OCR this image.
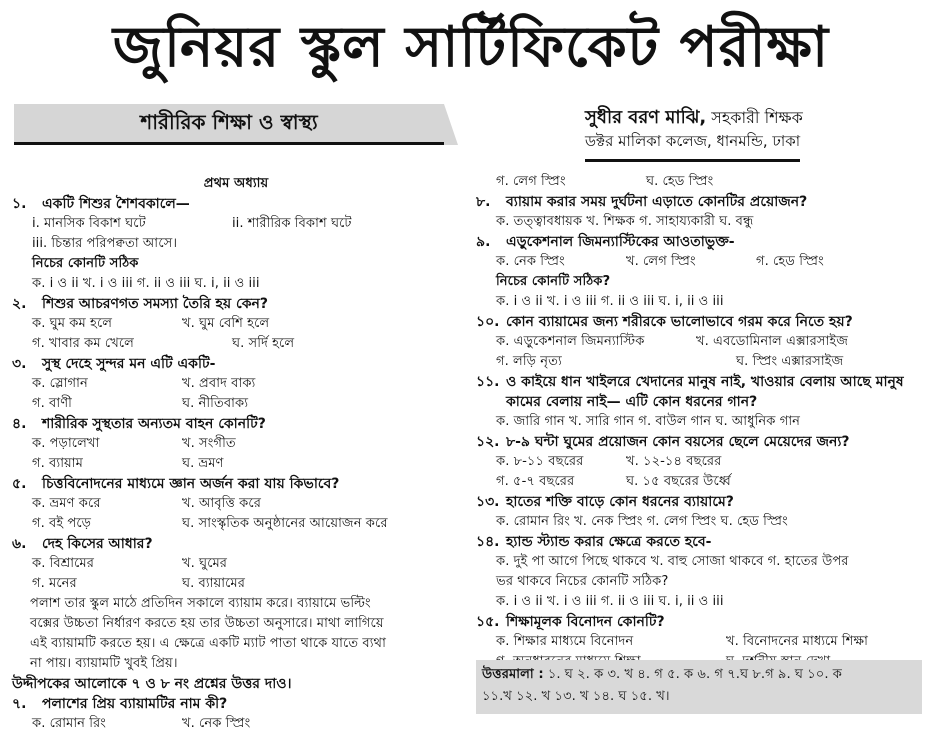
জুনিয়র স্কুল সার্টিফিকেট পরীক্ষা
শারীরিক শিক্ষা ও স্বাস্থ্য	সুধীর বরণ মাঝি, সহকারী শিক্ষক
ডক্টর মালিকা কলেজ, ধানমন্ডি, ঢাকা
প্রথম অধ্যায়
১. একটি শিশুর শৈশবকালে—
i. মানসিক বিকাশ ঘটে	ii. শারীরিক বিকাশ ঘটে
iii. চিন্তার পরিপক্বতা আসে।
নিচের কোনটি সঠিক
ক. i ও ii খ. i ও iii গ. ii ও iii ঘ. i, ii ও iii
২. শিশুর আচরণগত সমস্যা তৈরি হয় কেন?
ক. ঘুম কম হলে	খ. ঘুম বেশি হলে
গ. খাবার কম খেলে	ঘ. সর্দি হলে
৩. সুস্থ দেহে সুন্দর মন এটি একটি-
ক. স্লোগান	খ. প্রবাদ বাক্য
গ. বাণী	ঘ. নীতিবাক্য
৪. শারীরিক সুস্থতার অন্যতম বাহন কোনটি?
ক. পড়ালেখা	খ. সংগীত
গ. ব্যায়াম	ঘ. ভ্রমণ
৫. চিত্তবিনোদনের মাধ্যমে জ্ঞান অর্জন করা যায় কিভাবে?
ক. ভ্রমণ করে	খ. আবৃত্তি করে
গ. বই পড়ে	ঘ. সাংস্কৃতিক অনুষ্ঠানের আয়োজন করে
৬. দেহ কিসের আধার?
ক. বিশ্রামের	খ. ঘুমের
গ. মনের	ঘ. ব্যায়ামের
পলাশ তার স্কুল মাঠে প্রতিদিন সকালে ব্যায়াম করে। ব্যায়ামে ভল্টিং
বক্সের উচ্চতা নির্ধারণ করতে হয় তার উচ্চতা অনুসারে। মাথা লাগিয়ে
এই ব্যায়ামটি করতে হয়। এ ক্ষেত্রে একটি ম্যাট পাতা থাকে যাতে ব্যথা
না পায়। ব্যায়ামটি খুবই প্রিয়।
উদ্দীপকের আলোকে ৭ ও ৮ নং প্রশ্নের উত্তর দাও।
৭. পলাশের প্রিয় ব্যায়ামটির নাম কী?
ক. রোমান রিং	খ. নেক স্প্রিং
গ. লেগ স্প্রিং	ঘ. হেড স্প্রিং
৮. ব্যায়াম করার সময় দুর্ঘটনা এড়াতে কোনটির প্রয়োজন?
ক. তত্ত্বাবধায়ক খ. শিক্ষক গ. সাহায্যকারী ঘ. বন্ধু
৯. এড়ুকেশনাল জিমন্যাস্টিকের আওতাভুক্ত-
ক. নেক স্প্রিং	খ. লেগ স্প্রিং	গ. হেড স্প্রিং
নিচের কোনটি সঠিক?
ক. i ও ii খ. i ও iii গ. ii ও iii ঘ. i, ii ও iii
১০. কোন ব্যায়ামের জন্য শরীরকে ভালোভাবে গরম করে নিতে হয়?
ক. এড়ুকেশনাল জিমন্যাস্টিক	খ. এবডোমিনাল এক্সারসাইজ
গ. লড়ি নৃত্য	ঘ. স্প্রিং এক্সারসাইজ
১১. ও কাইয়ে ধান খাইলরে খেদানের মানুষ নাই, খাওয়ার বেলায় আছে মানুষ
কামের বেলায় নাই— এটি কোন ধরনের গান?
ক. জারি গান খ. সারি গান গ. বাউল গান ঘ. আধুনিক গান
১২. ৮-৯ ঘন্টা ঘুমের প্রয়োজন কোন বয়সের ছেলে মেয়েদের জন্য?
ক. ৮-১১ বছরের	খ. ১২-১৪ বছরের
গ. ৫-৭ বছরের	ঘ. ১৫ বছরের উর্ধ্বে
১৩. হাতের শক্তি বাড়ে কোন ধরনের ব্যায়ামে?
ক. রোমান রিং খ. নেক স্প্রিং গ. লেগ স্প্রিং ঘ. হেড স্প্রিং
১৪. হ্যান্ড স্ট্যান্ড করার ক্ষেত্রে করতে হবে-
ক. দুই পা আগে পিছে থাকবে খ. বাহু সোজা থাকবে গ. হাতের উপর
ভর থাকবে নিচের কোনটি সঠিক?
ক. i ও ii খ. i ও iii গ. ii ও iii ঘ. i, ii ও iii
১৫. শিক্ষামূলক বিনোদন কোনটি?
ক. শিক্ষার মাধ্যমে বিনোদন	খ. বিনোদনের মাধ্যমে শিক্ষা
উত্তরমালা : ১. ঘ ২. ক ৩. খ ৪. গ ৫. ক ৬. গ ৭.ঘ ৮.গ ৯. ঘ ১০. ক
১১.খ ১২. খ ১৩. খ ১৪. ঘ ১৫. খ।
